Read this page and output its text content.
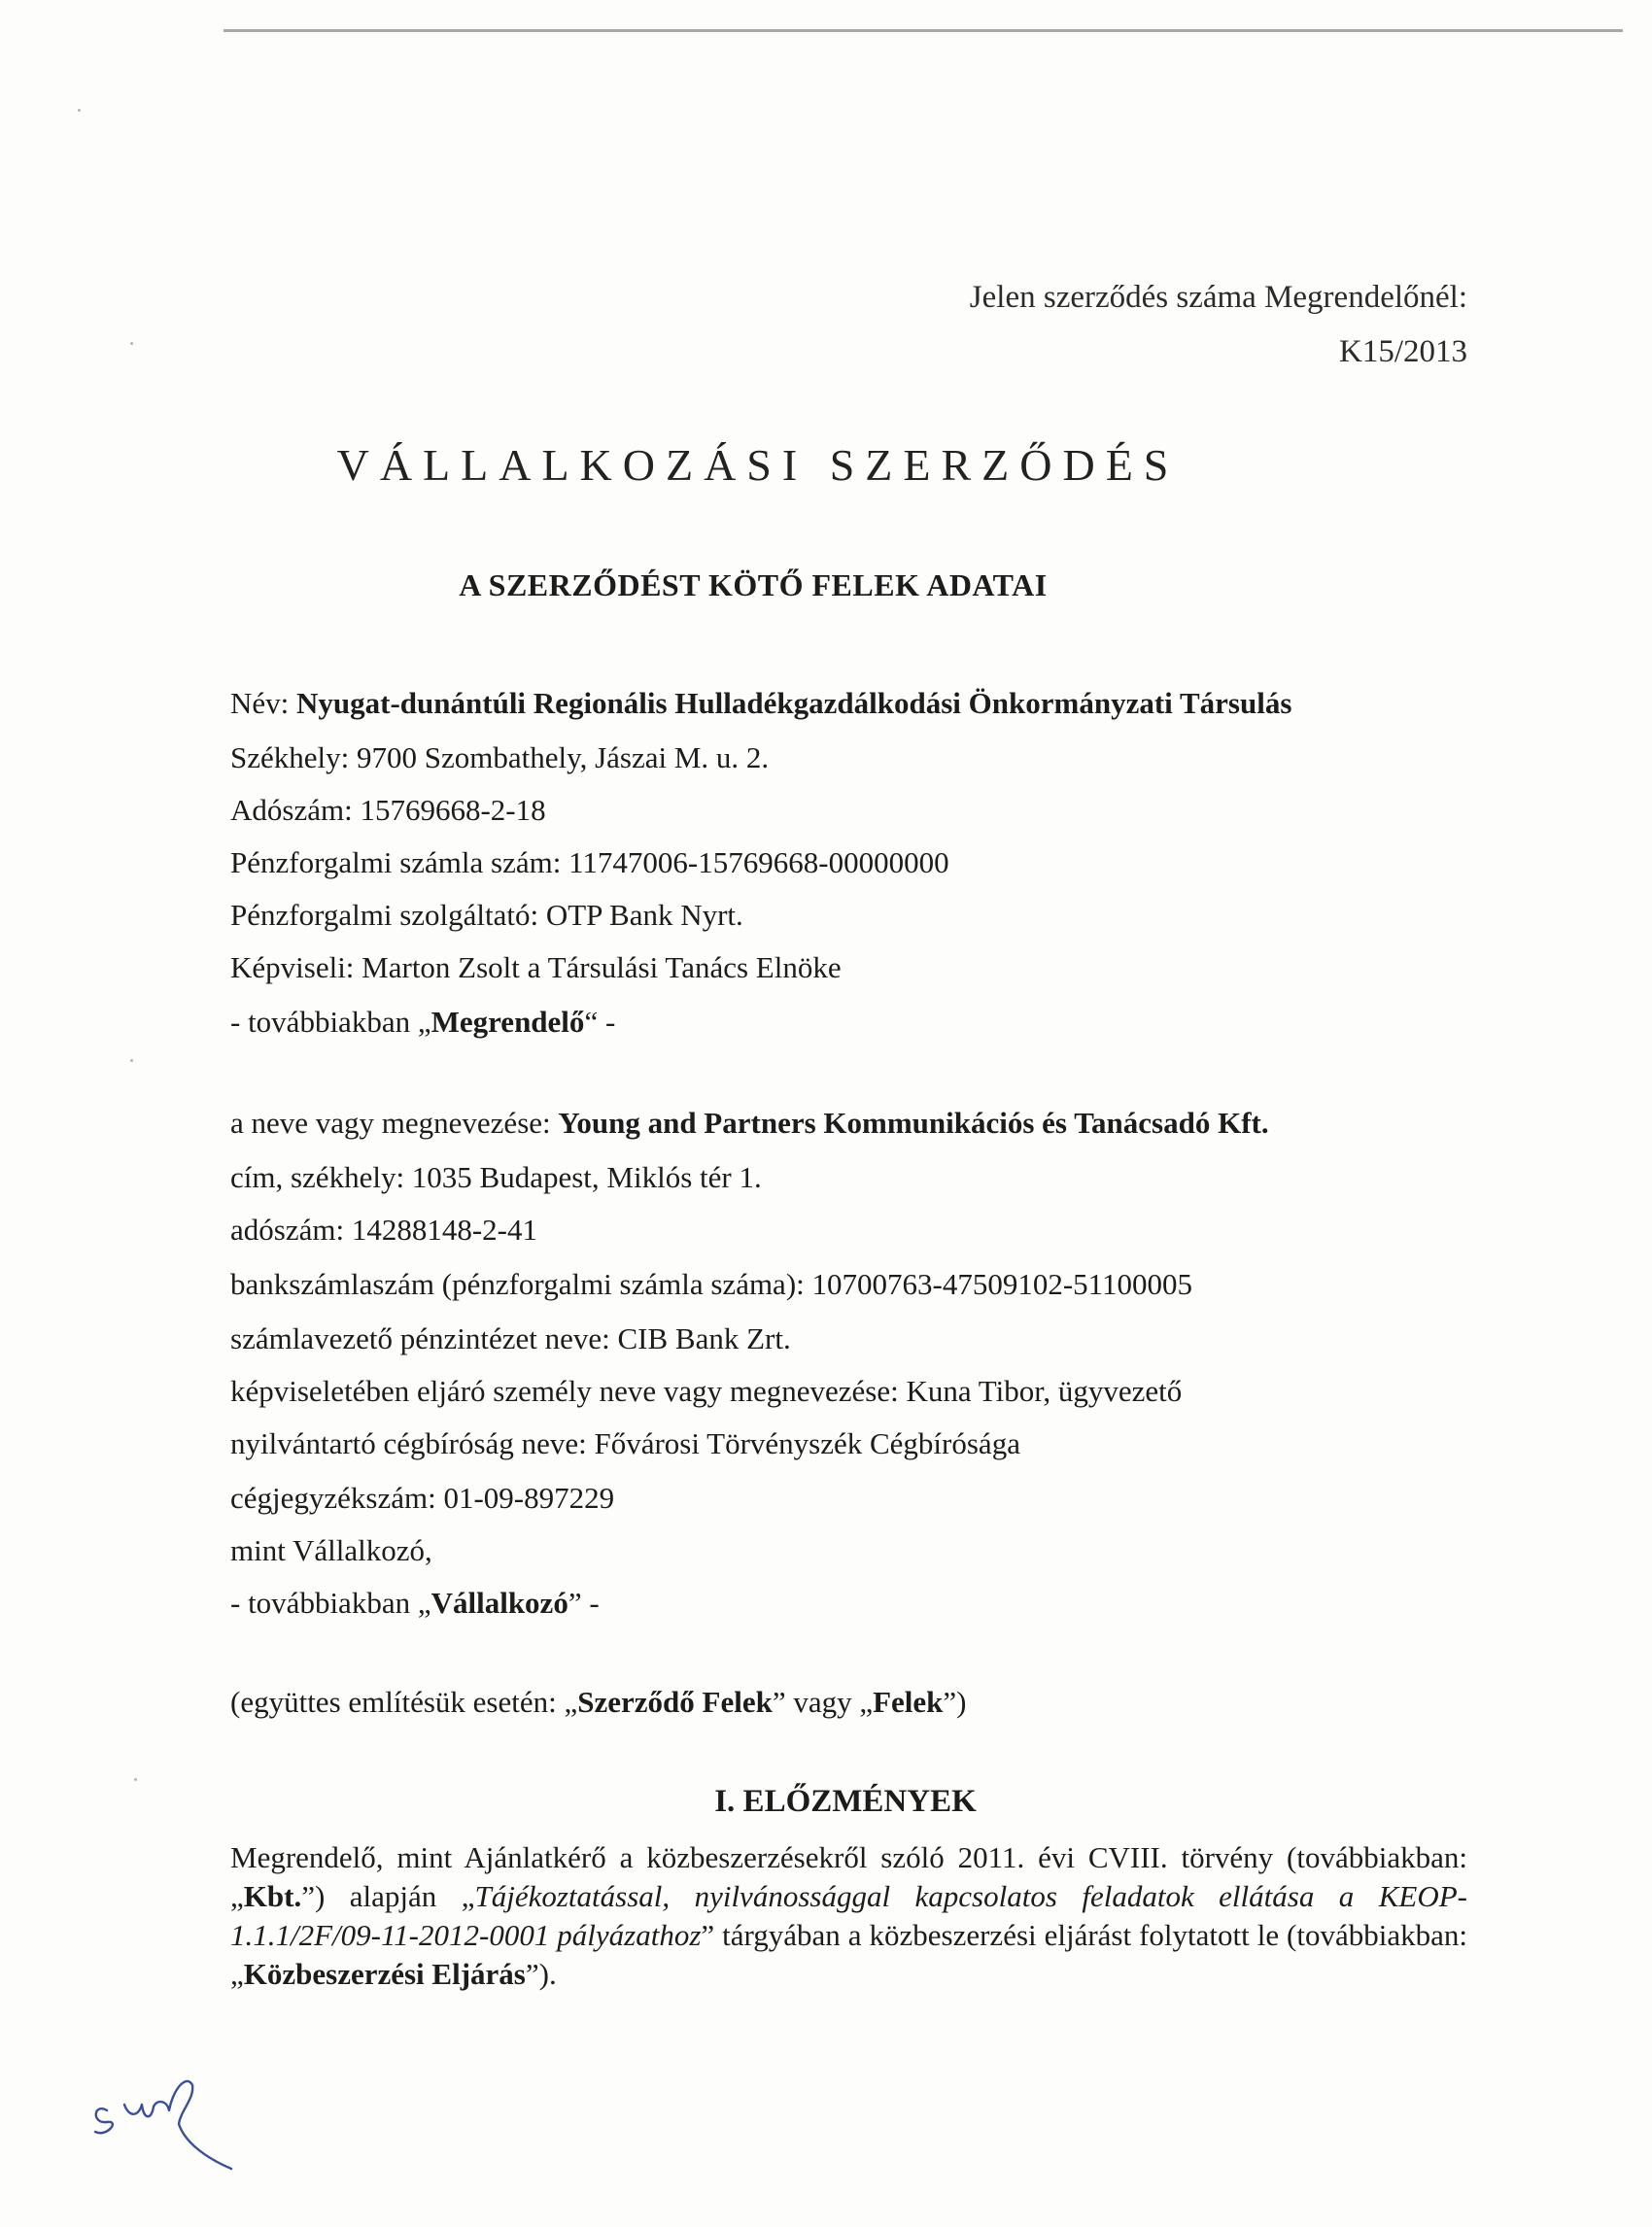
Jelen szerződés száma Megrendelőnél:
K15/2013
VÁLLALKOZÁSI SZERZŐDÉS
A SZERZŐDÉST KÖTŐ FELEK ADATAI
Név: Nyugat-dunántúli Regionális Hulladékgazdálkodási Önkormányzati Társulás
Székhely: 9700 Szombathely, Jászai M. u. 2.
Adószám: 15769668-2-18
Pénzforgalmi számla szám: 11747006-15769668-00000000
Pénzforgalmi szolgáltató: OTP Bank Nyrt.
Képviseli: Marton Zsolt a Társulási Tanács Elnöke
- továbbiakban „Megrendelő“ -
a neve vagy megnevezése: Young and Partners Kommunikációs és Tanácsadó Kft.
cím, székhely: 1035 Budapest, Miklós tér 1.
adószám: 14288148-2-41
bankszámlaszám (pénzforgalmi számla száma): 10700763-47509102-51100005
számlavezető pénzintézet neve: CIB Bank Zrt.
képviseletében eljáró személy neve vagy megnevezése: Kuna Tibor, ügyvezető
nyilvántartó cégbíróság neve: Fővárosi Törvényszék Cégbírósága
cégjegyzékszám: 01-09-897229
mint Vállalkozó,
- továbbiakban „Vállalkozó” -
(együttes említésük esetén: „Szerződő Felek” vagy „Felek”)
I. ELŐZMÉNYEK
Megrendelő, mint Ajánlatkérő a közbeszerzésekről szóló 2011. évi CVIII. törvény (továbbiakban: „Kbt.”) alapján „Tájékoztatással, nyilvánossággal kapcsolatos feladatok ellátása a KEOP-1.1.1/2F/09-11-2012-0001 pályázathoz” tárgyában a közbeszerzési eljárást folytatott le (továbbiakban: „Közbeszerzési Eljárás”).
